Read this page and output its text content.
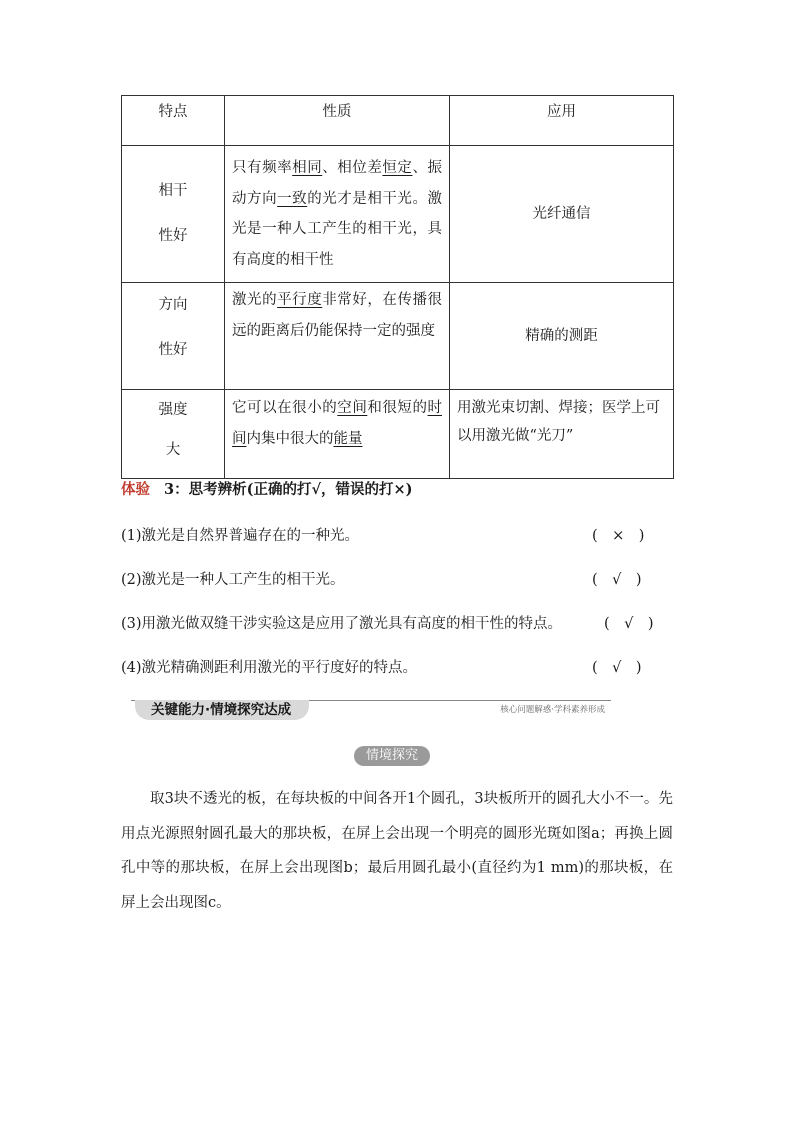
特点	性质	应用

相干
性好	只有频率相同、相位差恒定、振动方向一致的光才是相干光。激光是一种人工产生的相干光，具有高度的相干性	光纤通信

方向
性好	激光的平行度非常好，在传播很远的距离后仍能保持一定的强度	精确的测距

强度
大	它可以在很小的空间和很短的时间内集中很大的能量	用激光束切割、焊接；医学上可以用激光做“光刀”
体验 3：思考辨析(正确的打√，错误的打×)
(1)激光是自然界普遍存在的一种光。	(　×　)
(2)激光是一种人工产生的相干光。	(　√　)
(3)用激光做双缝干涉实验这是应用了激光具有高度的相干性的特点。	(　√　)
(4)激光精确测距利用激光的平行度好的特点。	(　√　)
关键能力·情境探究达成	核心问题解惑·学科素养形成
情境探究
取3块不透光的板，在每块板的中间各开1个圆孔，3块板所开的圆孔大小不一。先用点光源照射圆孔最大的那块板，在屏上会出现一个明亮的圆形光斑如图a；再换上圆孔中等的那块板，在屏上会出现图b；最后用圆孔最小(直径约为1 mm)的那块板，在屏上会出现图c。
